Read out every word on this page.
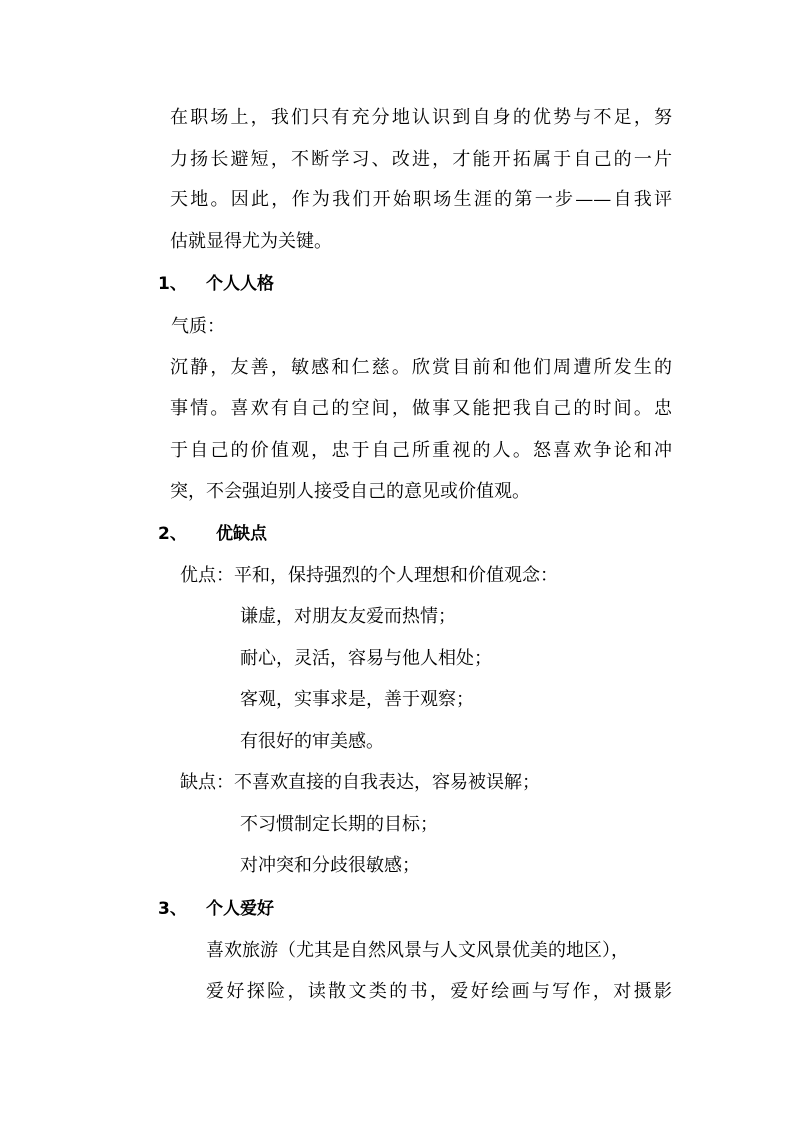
在职场上，我们只有充分地认识到自身的优势与不足，努
力扬长避短，不断学习、改进，才能开拓属于自己的一片
天地。因此，作为我们开始职场生涯的第一步——自我评
估就显得尤为关键。
1、 个人人格
气质：
沉静，友善，敏感和仁慈。欣赏目前和他们周遭所发生的
事情。喜欢有自己的空间，做事又能把我自己的时间。忠
于自己的价值观，忠于自己所重视的人。怒喜欢争论和冲
突，不会强迫别人接受自己的意见或价值观。
2、 优缺点
优点：平和，保持强烈的个人理想和价值观念：
谦虚，对朋友友爱而热情；
耐心，灵活，容易与他人相处；
客观，实事求是，善于观察；
有很好的审美感。
缺点：不喜欢直接的自我表达，容易被误解；
不习惯制定长期的目标；
对冲突和分歧很敏感；
3、 个人爱好
喜欢旅游（尤其是自然风景与人文风景优美的地区），
爱好探险，读散文类的书，爱好绘画与写作，对摄影
